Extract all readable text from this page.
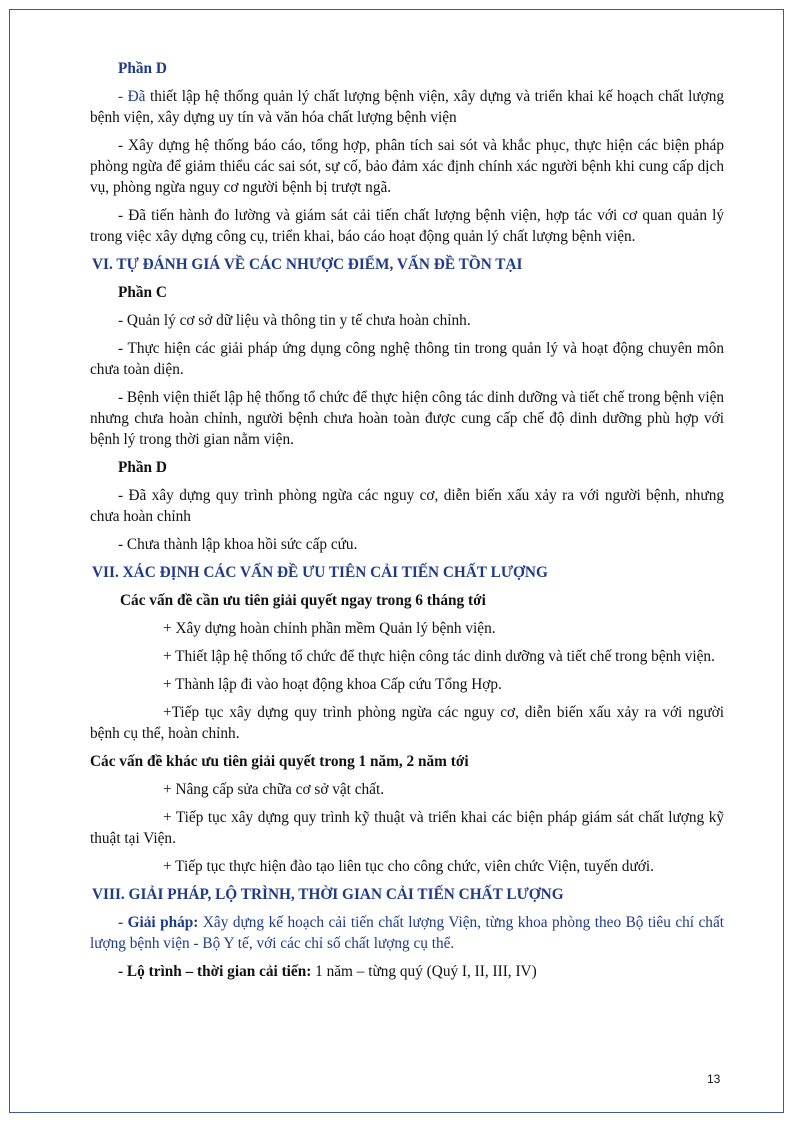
Phần D

- Đã thiết lập hệ thống quản lý chất lượng bệnh viện, xây dựng và triển khai kế hoạch chất lượng bệnh viện, xây dựng uy tín và văn hóa chất lượng bệnh viện

- Xây dựng hệ thống báo cáo, tổng hợp, phân tích sai sót và khắc phục, thực hiện các biện pháp phòng ngừa để giảm thiểu các sai sót, sự cố, bảo đảm xác định chính xác người bệnh khi cung cấp dịch vụ, phòng ngừa nguy cơ người bệnh bị trượt ngã.

- Đã tiến hành đo lường và giám sát cải tiến chất lượng bệnh viện, hợp tác với cơ quan quản lý trong việc xây dựng công cụ, triển khai, báo cáo hoạt động quản lý chất lượng bệnh viện.

VI. TỰ ĐÁNH GIÁ VỀ CÁC NHƯỢC ĐIỂM, VẤN ĐỀ TỒN TẠI

Phần C

- Quản lý cơ sở dữ liệu và thông tin y tế chưa hoàn chỉnh.

- Thực hiện các giải pháp ứng dụng công nghệ thông tin trong quản lý và hoạt động chuyên môn chưa toàn diện.

- Bệnh viện thiết lập hệ thống tổ chức để thực hiện công tác dinh dưỡng và tiết chế trong bệnh viện nhưng chưa hoàn chỉnh, người bệnh chưa hoàn toàn được cung cấp chế độ dinh dưỡng phù hợp với bệnh lý trong thời gian nằm viện.

Phần D

- Đã xây dựng quy trình phòng ngừa các nguy cơ, diễn biến xấu xảy ra với người bệnh, nhưng chưa hoàn chỉnh

- Chưa thành lập khoa hồi sức cấp cứu.

VII. XÁC ĐỊNH CÁC VẤN ĐỀ ƯU TIÊN CẢI TIẾN CHẤT LƯỢNG

Các vấn đề cần ưu tiên giải quyết ngay trong 6 tháng tới

+ Xây dựng hoàn chỉnh phần mềm Quản lý bệnh viện.

+ Thiết lập hệ thống tổ chức để thực hiện công tác dinh dưỡng và tiết chế trong bệnh viện.

+ Thành lập đi vào hoạt động khoa Cấp cứu Tổng Hợp.

+Tiếp tục xây dựng quy trình phòng ngừa các nguy cơ, diễn biến xấu xảy ra với người bệnh cụ thể, hoàn chỉnh.

Các vấn đề khác ưu tiên giải quyết trong 1 năm, 2 năm tới

+ Nâng cấp sửa chữa cơ sở vật chất.

+ Tiếp tục xây dựng quy trình kỹ thuật và triển khai các biện pháp giám sát chất lượng kỹ thuật tại Viện.

+ Tiếp tục thực hiện đào tạo liên tục cho công chức, viên chức Viện, tuyến dưới.

VIII. GIẢI PHÁP, LỘ TRÌNH, THỜI GIAN CẢI TIẾN CHẤT LƯỢNG

- Giải pháp: Xây dựng kế hoạch cải tiến chất lượng Viện, từng khoa phòng theo Bộ tiêu chí chất lượng bệnh viện - Bộ Y tế, với các chỉ số chất lượng cụ thể.

- Lộ trình – thời gian cải tiến: 1 năm – từng quý (Quý I, II, III, IV)

13
